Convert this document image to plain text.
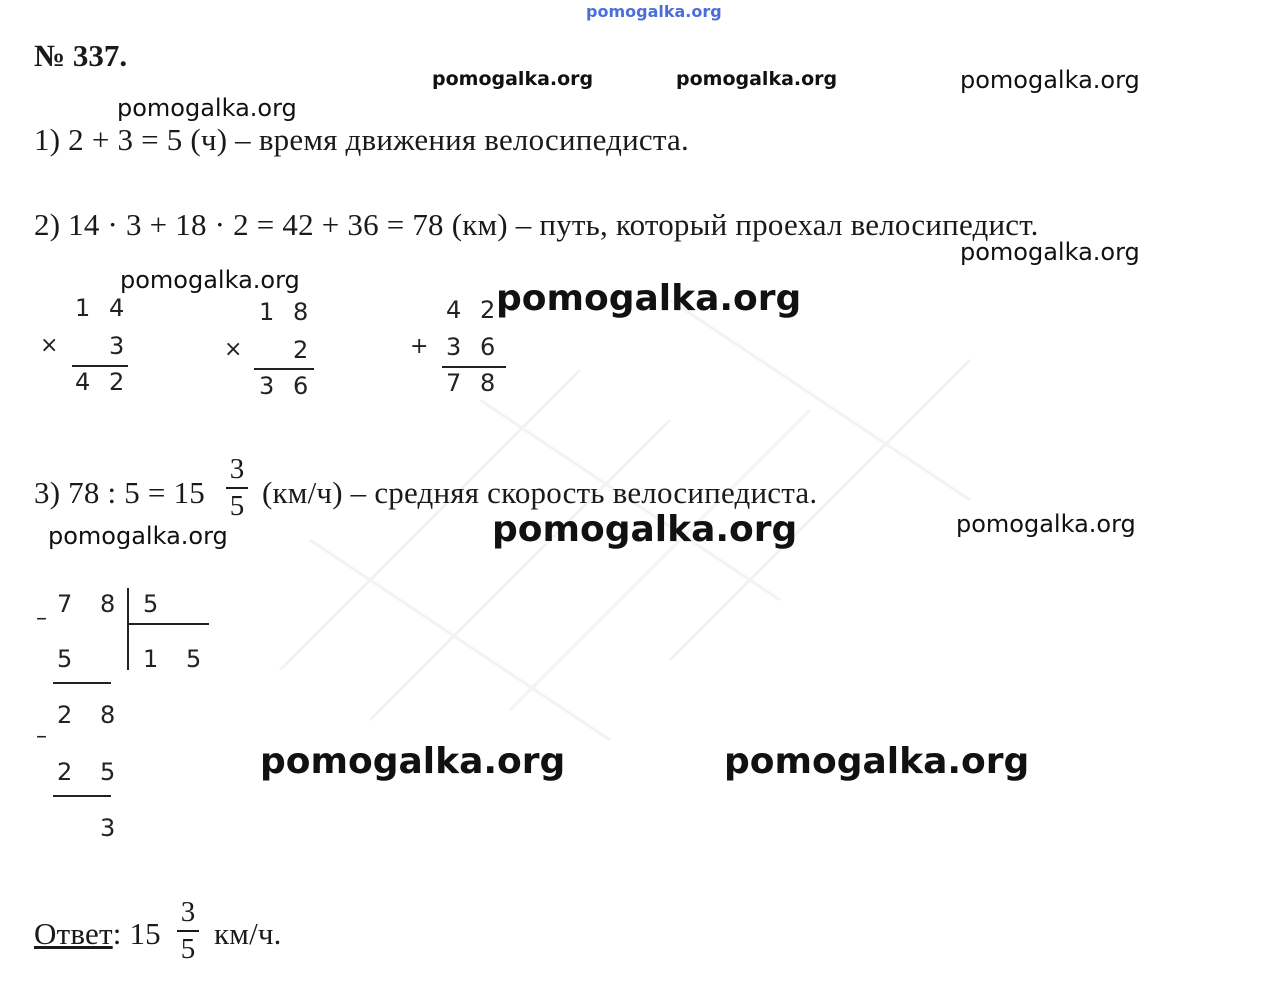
pomogalka.org
№ 337.
pomogalka.org	pomogalka.org	pomogalka.org
pomogalka.org
1) 2 + 3 = 5 (ч) – время движения велосипедиста.
2) 14 · 3 + 18 · 2 = 42 + 36 = 78 (км) – путь, который проехал велосипедист.
pomogalka.org
pomogalka.org	pomogalka.org
1 4
× 3
4 2
1 8
× 2
3 6
4 2
+ 3 6
7 8
3) 78 : 5 = 15
3
5 (км/ч) – средняя скорость велосипедиста.
pomogalka.org	pomogalka.org	pomogalka.org
7 8
–
5
1 5
5
2 8
–
2 5
3
pomogalka.org	pomogalka.org
Ответ: 15
3
5 км/ч.
